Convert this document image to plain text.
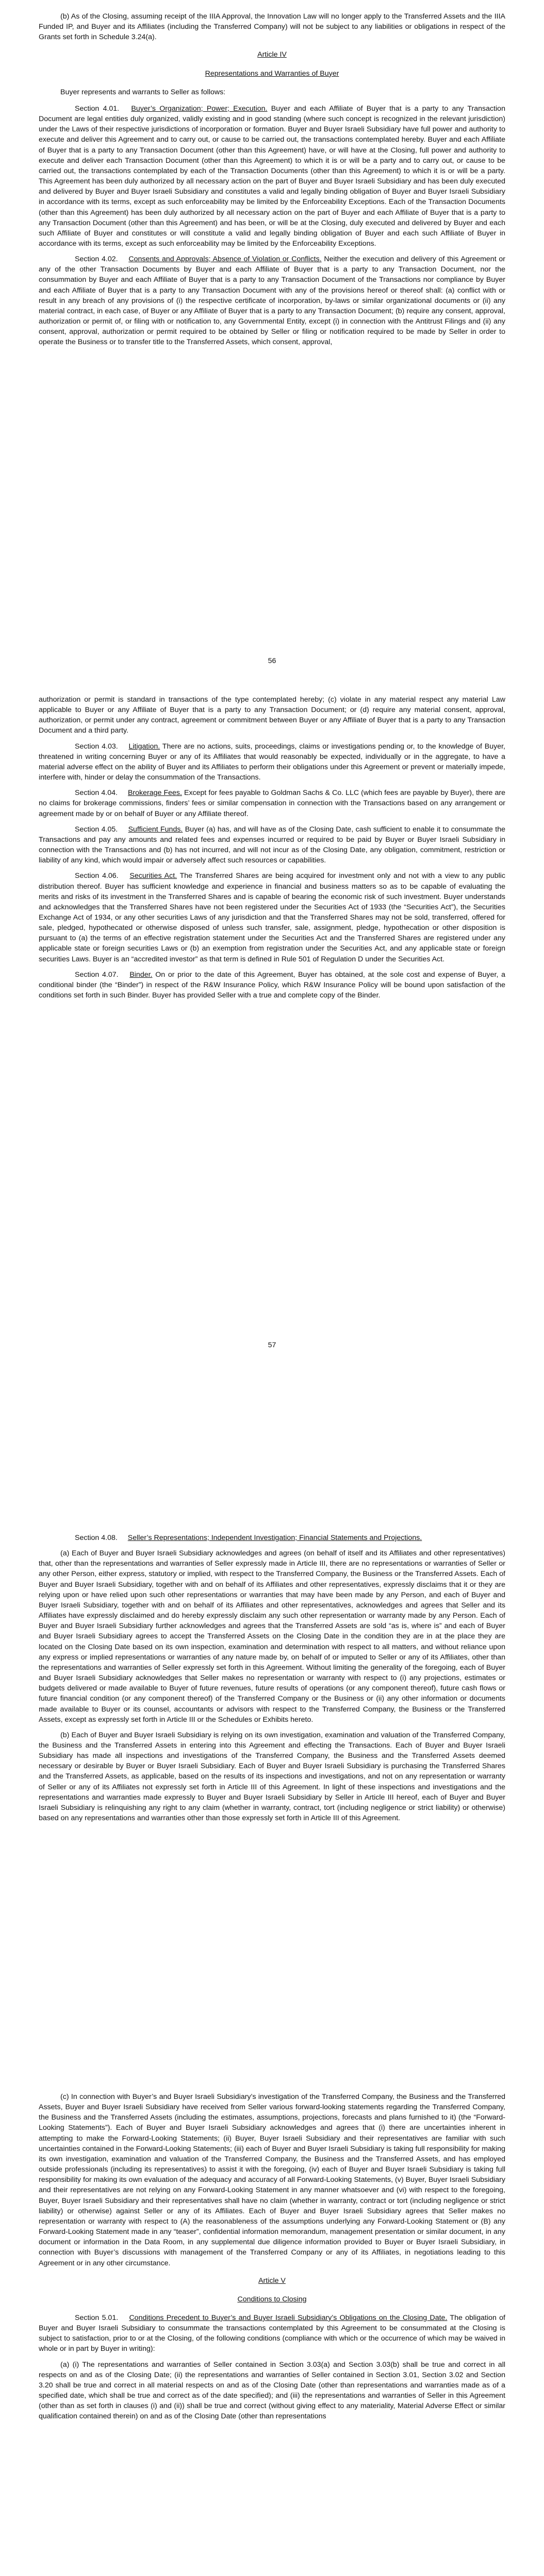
(b) As of the Closing, assuming receipt of the IIIA Approval, the Innovation Law will no longer apply to the Transferred Assets and the IIIA Funded IP, and Buyer and its Affiliates (including the Transferred Company) will not be subject to any liabilities or obligations in respect of the Grants set forth in Schedule 3.24(a).

Article IV
Representations and Warranties of Buyer

Buyer represents and warrants to Seller as follows:

Section 4.01. Buyer’s Organization; Power; Execution. Buyer and each Affiliate of Buyer that is a party to any Transaction Document are legal entities duly organized, validly existing and in good standing (where such concept is recognized in the relevant jurisdiction) under the Laws of their respective jurisdictions of incorporation or formation. Buyer and Buyer Israeli Subsidiary have full power and authority to execute and deliver this Agreement and to carry out, or cause to be carried out, the transactions contemplated hereby. Buyer and each Affiliate of Buyer that is a party to any Transaction Document (other than this Agreement) have, or will have at the Closing, full power and authority to execute and deliver each Transaction Document (other than this Agreement) to which it is or will be a party and to carry out, or cause to be carried out, the transactions contemplated by each of the Transaction Documents (other than this Agreement) to which it is or will be a party. This Agreement has been duly authorized by all necessary action on the part of Buyer and Buyer Israeli Subsidiary and has been duly executed and delivered by Buyer and Buyer Israeli Subsidiary and constitutes a valid and legally binding obligation of Buyer and Buyer Israeli Subsidiary in accordance with its terms, except as such enforceability may be limited by the Enforceability Exceptions. Each of the Transaction Documents (other than this Agreement) has been duly authorized by all necessary action on the part of Buyer and each Affiliate of Buyer that is a party to any Transaction Document (other than this Agreement) and has been, or will be at the Closing, duly executed and delivered by Buyer and each such Affiliate of Buyer and constitutes or will constitute a valid and legally binding obligation of Buyer and each such Affiliate of Buyer in accordance with its terms, except as such enforceability may be limited by the Enforceability Exceptions.

Section 4.02. Consents and Approvals; Absence of Violation or Conflicts. Neither the execution and delivery of this Agreement or any of the other Transaction Documents by Buyer and each Affiliate of Buyer that is a party to any Transaction Document, nor the consummation by Buyer and each Affiliate of Buyer that is a party to any Transaction Document of the Transactions nor compliance by Buyer and each Affiliate of Buyer that is a party to any Transaction Document with any of the provisions hereof or thereof shall: (a) conflict with or result in any breach of any provisions of (i) the respective certificate of incorporation, by-laws or similar organizational documents or (ii) any material contract, in each case, of Buyer or any Affiliate of Buyer that is a party to any Transaction Document; (b) require any consent, approval, authorization or permit of, or filing with or notification to, any Governmental Entity, except (i) in connection with the Antitrust Filings and (ii) any consent, approval, authorization or permit required to be obtained by Seller or filing or notification required to be made by Seller in order to operate the Business or to transfer title to the Transferred Assets, which consent, approval,

56

authorization or permit is standard in transactions of the type contemplated hereby; (c) violate in any material respect any material Law applicable to Buyer or any Affiliate of Buyer that is a party to any Transaction Document; or (d) require any material consent, approval, authorization, or permit under any contract, agreement or commitment between Buyer or any Affiliate of Buyer that is a party to any Transaction Document and a third party.

Section 4.03. Litigation. There are no actions, suits, proceedings, claims or investigations pending or, to the knowledge of Buyer, threatened in writing concerning Buyer or any of its Affiliates that would reasonably be expected, individually or in the aggregate, to have a material adverse effect on the ability of Buyer and its Affiliates to perform their obligations under this Agreement or prevent or materially impede, interfere with, hinder or delay the consummation of the Transactions.

Section 4.04. Brokerage Fees. Except for fees payable to Goldman Sachs & Co. LLC (which fees are payable by Buyer), there are no claims for brokerage commissions, finders’ fees or similar compensation in connection with the Transactions based on any arrangement or agreement made by or on behalf of Buyer or any Affiliate thereof.

Section 4.05. Sufficient Funds. Buyer (a) has, and will have as of the Closing Date, cash sufficient to enable it to consummate the Transactions and pay any amounts and related fees and expenses incurred or required to be paid by Buyer or Buyer Israeli Subsidiary in connection with the Transactions and (b) has not incurred, and will not incur as of the Closing Date, any obligation, commitment, restriction or liability of any kind, which would impair or adversely affect such resources or capabilities.

Section 4.06. Securities Act. The Transferred Shares are being acquired for investment only and not with a view to any public distribution thereof. Buyer has sufficient knowledge and experience in financial and business matters so as to be capable of evaluating the merits and risks of its investment in the Transferred Shares and is capable of bearing the economic risk of such investment. Buyer understands and acknowledges that the Transferred Shares have not been registered under the Securities Act of 1933 (the “Securities Act”), the Securities Exchange Act of 1934, or any other securities Laws of any jurisdiction and that the Transferred Shares may not be sold, transferred, offered for sale, pledged, hypothecated or otherwise disposed of unless such transfer, sale, assignment, pledge, hypothecation or other disposition is pursuant to (a) the terms of an effective registration statement under the Securities Act and the Transferred Shares are registered under any applicable state or foreign securities Laws or (b) an exemption from registration under the Securities Act, and any applicable state or foreign securities Laws. Buyer is an “accredited investor” as that term is defined in Rule 501 of Regulation D under the Securities Act.

Section 4.07. Binder. On or prior to the date of this Agreement, Buyer has obtained, at the sole cost and expense of Buyer, a conditional binder (the “Binder”) in respect of the R&W Insurance Policy, which R&W Insurance Policy will be bound upon satisfaction of the conditions set forth in such Binder. Buyer has provided Seller with a true and complete copy of the Binder.

57

Section 4.08. Seller’s Representations; Independent Investigation; Financial Statements and Projections.

(a) Each of Buyer and Buyer Israeli Subsidiary acknowledges and agrees (on behalf of itself and its Affiliates and other representatives) that, other than the representations and warranties of Seller expressly made in Article III, there are no representations or warranties of Seller or any other Person, either express, statutory or implied, with respect to the Transferred Company, the Business or the Transferred Assets. Each of Buyer and Buyer Israeli Subsidiary, together with and on behalf of its Affiliates and other representatives, expressly disclaims that it or they are relying upon or have relied upon such other representations or warranties that may have been made by any Person, and each of Buyer and Buyer Israeli Subsidiary, together with and on behalf of its Affiliates and other representatives, acknowledges and agrees that Seller and its Affiliates have expressly disclaimed and do hereby expressly disclaim any such other representation or warranty made by any Person. Each of Buyer and Buyer Israeli Subsidiary further acknowledges and agrees that the Transferred Assets are sold “as is, where is” and each of Buyer and Buyer Israeli Subsidiary agrees to accept the Transferred Assets on the Closing Date in the condition they are in at the place they are located on the Closing Date based on its own inspection, examination and determination with respect to all matters, and without reliance upon any express or implied representations or warranties of any nature made by, on behalf of or imputed to Seller or any of its Affiliates, other than the representations and warranties of Seller expressly set forth in this Agreement. Without limiting the generality of the foregoing, each of Buyer and Buyer Israeli Subsidiary acknowledges that Seller makes no representation or warranty with respect to (i) any projections, estimates or budgets delivered or made available to Buyer of future revenues, future results of operations (or any component thereof), future cash flows or future financial condition (or any component thereof) of the Transferred Company or the Business or (ii) any other information or documents made available to Buyer or its counsel, accountants or advisors with respect to the Transferred Company, the Business or the Transferred Assets, except as expressly set forth in Article III or the Schedules or Exhibits hereto.

(b) Each of Buyer and Buyer Israeli Subsidiary is relying on its own investigation, examination and valuation of the Transferred Company, the Business and the Transferred Assets in entering into this Agreement and effecting the Transactions. Each of Buyer and Buyer Israeli Subsidiary has made all inspections and investigations of the Transferred Company, the Business and the Transferred Assets deemed necessary or desirable by Buyer or Buyer Israeli Subsidiary. Each of Buyer and Buyer Israeli Subsidiary is purchasing the Transferred Shares and the Transferred Assets, as applicable, based on the results of its inspections and investigations, and not on any representation or warranty of Seller or any of its Affiliates not expressly set forth in Article III of this Agreement. In light of these inspections and investigations and the representations and warranties made expressly to Buyer and Buyer Israeli Subsidiary by Seller in Article III hereof, each of Buyer and Buyer Israeli Subsidiary is relinquishing any right to any claim (whether in warranty, contract, tort (including negligence or strict liability) or otherwise) based on any representations and warranties other than those expressly set forth in Article III of this Agreement.

(c) In connection with Buyer’s and Buyer Israeli Subsidiary’s investigation of the Transferred Company, the Business and the Transferred Assets, Buyer and Buyer Israeli Subsidiary have received from Seller various forward-looking statements regarding the Transferred Company, the Business and the Transferred Assets (including the estimates, assumptions, projections, forecasts and plans furnished to it) (the “Forward-Looking Statements”). Each of Buyer and Buyer Israeli Subsidiary acknowledges and agrees that (i) there are uncertainties inherent in attempting to make the Forward-Looking Statements; (ii) Buyer, Buyer Israeli Subsidiary and their representatives are familiar with such uncertainties contained in the Forward-Looking Statements; (iii) each of Buyer and Buyer Israeli Subsidiary is taking full responsibility for making its own investigation, examination and valuation of the Transferred Company, the Business and the Transferred Assets, and has employed outside professionals (including its representatives) to assist it with the foregoing, (iv) each of Buyer and Buyer Israeli Subsidiary is taking full responsibility for making its own evaluation of the adequacy and accuracy of all Forward-Looking Statements, (v) Buyer, Buyer Israeli Subsidiary and their representatives are not relying on any Forward-Looking Statement in any manner whatsoever and (vi) with respect to the foregoing, Buyer, Buyer Israeli Subsidiary and their representatives shall have no claim (whether in warranty, contract or tort (including negligence or strict liability) or otherwise) against Seller or any of its Affiliates. Each of Buyer and Buyer Israeli Subsidiary agrees that Seller makes no representation or warranty with respect to (A) the reasonableness of the assumptions underlying any Forward-Looking Statement or (B) any Forward-Looking Statement made in any “teaser”, confidential information memorandum, management presentation or similar document, in any document or information in the Data Room, in any supplemental due diligence information provided to Buyer or Buyer Israeli Subsidiary, in connection with Buyer’s discussions with management of the Transferred Company or any of its Affiliates, in negotiations leading to this Agreement or in any other circumstance.

Article V
Conditions to Closing

Section 5.01. Conditions Precedent to Buyer’s and Buyer Israeli Subsidiary’s Obligations on the Closing Date. The obligation of Buyer and Buyer Israeli Subsidiary to consummate the transactions contemplated by this Agreement to be consummated at the Closing is subject to satisfaction, prior to or at the Closing, of the following conditions (compliance with which or the occurrence of which may be waived in whole or in part by Buyer in writing):

(a) (i) The representations and warranties of Seller contained in Section 3.03(a) and Section 3.03(b) shall be true and correct in all respects on and as of the Closing Date; (ii) the representations and warranties of Seller contained in Section 3.01, Section 3.02 and Section 3.20 shall be true and correct in all material respects on and as of the Closing Date (other than representations and warranties made as of a specified date, which shall be true and correct as of the date specified); and (iii) the representations and warranties of Seller in this Agreement (other than as set forth in clauses (i) and (ii)) shall be true and correct (without giving effect to any materiality, Material Adverse Effect or similar qualification contained therein) on and as of the Closing Date (other than representations
